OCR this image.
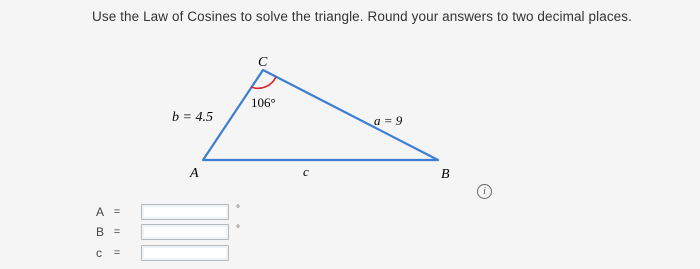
Use the Law of Cosines to solve the triangle. Round your answers to two decimal places.
C
A	B
106°
b = 4.5	a = 9
c
i
A =	°
B =	°
c	=
